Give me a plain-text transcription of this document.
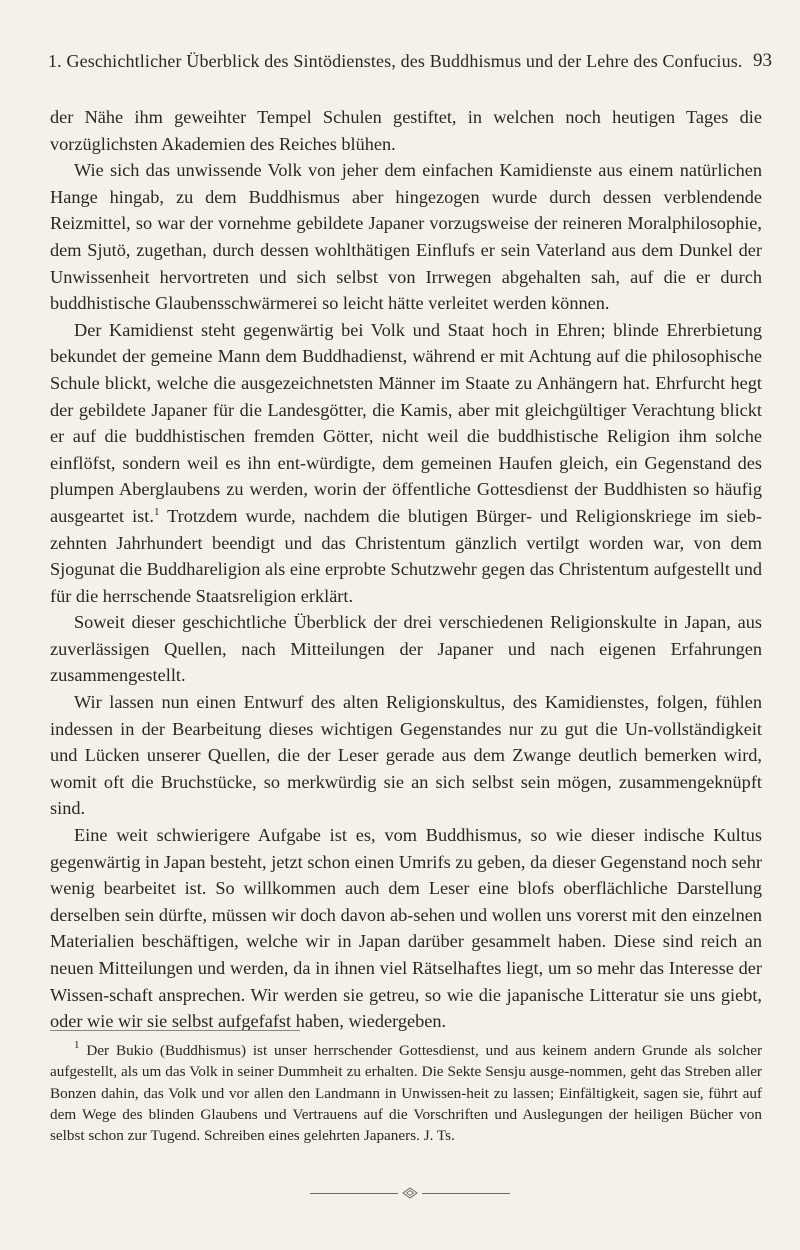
1. Geschichtlicher Überblick des Sintödienstes, des Buddhismus und der Lehre des Confucius. 93

der Nähe ihm geweihter Tempel Schulen gestiftet, in welchen noch heutigen Tages die vorzüglichsten Akademien des Reiches blühen.

Wie sich das unwissende Volk von jeher dem einfachen Kamidienste aus einem natürlichen Hange hingab, zu dem Buddhismus aber hingezogen wurde durch dessen verblendende Reizmittel, so war der vornehme gebildete Japaner vorzugsweise der reineren Moralphilosophie, dem Sjutö, zugethan, durch dessen wohlthätigen Einflufs er sein Vaterland aus dem Dunkel der Unwissenheit hervortreten und sich selbst von Irrwegen abgehalten sah, auf die er durch buddhistische Glaubensschwärmerei so leicht hätte verleitet werden können.

Der Kamidienst steht gegenwärtig bei Volk und Staat hoch in Ehren; blinde Ehrerbietung bekundet der gemeine Mann dem Buddhadienst, während er mit Achtung auf die philosophische Schule blickt, welche die ausgezeichnetsten Männer im Staate zu Anhängern hat. Ehrfurcht hegt der gebildete Japaner für die Landesgötter, die Kamis, aber mit gleichgültiger Verachtung blickt er auf die buddhistischen fremden Götter, nicht weil die buddhistische Religion ihm solche einflöfst, sondern weil es ihn ent-würdigte, dem gemeinen Haufen gleich, ein Gegenstand des plumpen Aberglaubens zu werden, worin der öffentliche Gottesdienst der Buddhisten so häufig ausgeartet ist.$^1$ Trotzdem wurde, nachdem die blutigen Bürger- und Religionskriege im sieb-zehnten Jahrhundert beendigt und das Christentum gänzlich vertilgt worden war, von dem Sjogunat die Buddhareligion als eine erprobte Schutzwehr gegen das Christentum aufgestellt und für die herrschende Staatsreligion erklärt.

Soweit dieser geschichtliche Überblick der drei verschiedenen Religionskulte in Japan, aus zuverlässigen Quellen, nach Mitteilungen der Japaner und nach eigenen Erfahrungen zusammengestellt.

Wir lassen nun einen Entwurf des alten Religionskultus, des Kamidienstes, folgen, fühlen indessen in der Bearbeitung dieses wichtigen Gegenstandes nur zu gut die Un-vollständigkeit und Lücken unserer Quellen, die der Leser gerade aus dem Zwange deutlich bemerken wird, womit oft die Bruchstücke, so merkwürdig sie an sich selbst sein mögen, zusammengeknüpft sind.

Eine weit schwierigere Aufgabe ist es, vom Buddhismus, so wie dieser indische Kultus gegenwärtig in Japan besteht, jetzt schon einen Umrifs zu geben, da dieser Gegenstand noch sehr wenig bearbeitet ist. So willkommen auch dem Leser eine blofs oberflächliche Darstellung derselben sein dürfte, müssen wir doch davon ab-sehen und wollen uns vorerst mit den einzelnen Materialien beschäftigen, welche wir in Japan darüber gesammelt haben. Diese sind reich an neuen Mitteilungen und werden, da in ihnen viel Rätselhaftes liegt, um so mehr das Interesse der Wissen-schaft ansprechen. Wir werden sie getreu, so wie die japanische Litteratur sie uns giebt, oder wie wir sie selbst aufgefafst haben, wiedergeben.

$^1$ Der Bukio (Buddhismus) ist unser herrschender Gottesdienst, und aus keinem andern Grunde als solcher aufgestellt, als um das Volk in seiner Dummheit zu erhalten. Die Sekte Sensju ausge-nommen, geht das Streben aller Bonzen dahin, das Volk und vor allen den Landmann in Unwissen-heit zu lassen; Einfältigkeit, sagen sie, führt auf dem Wege des blinden Glaubens und Vertrauens auf die Vorschriften und Auslegungen der heiligen Bücher von selbst schon zur Tugend. Schreiben eines gelehrten Japaners. J. Ts.
